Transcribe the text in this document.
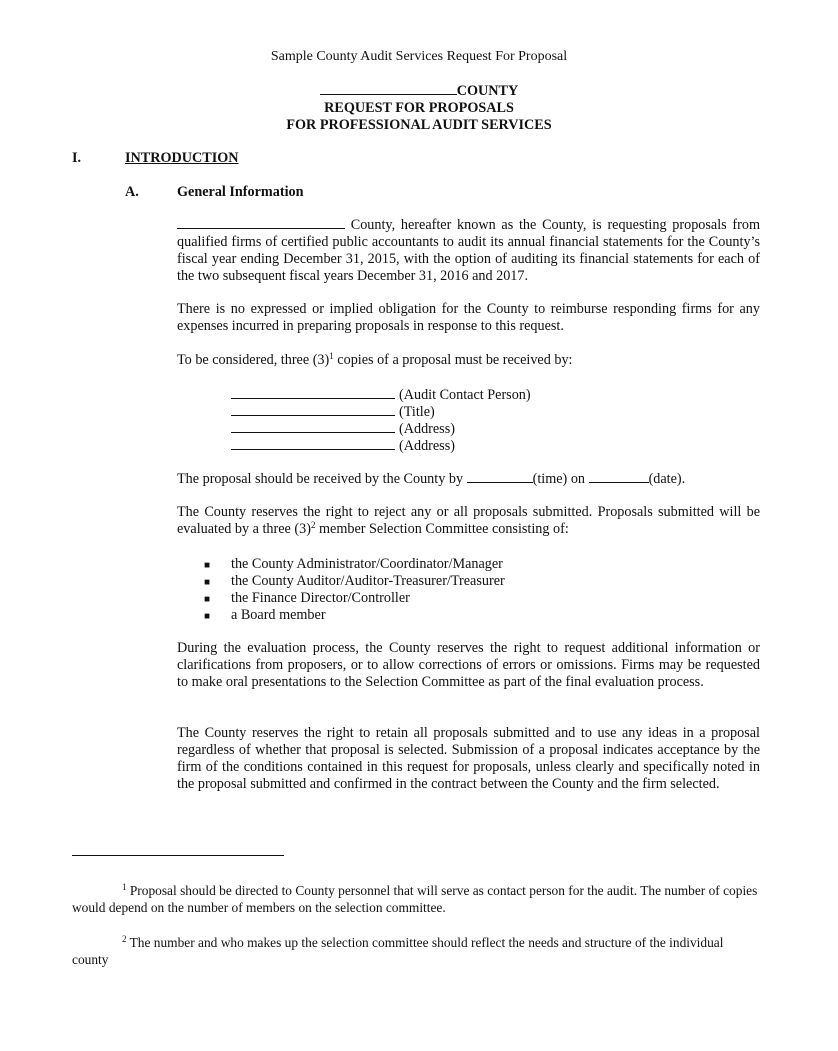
Sample County Audit Services Request For Proposal
COUNTY
REQUEST FOR PROPOSALS
FOR PROFESSIONAL AUDIT SERVICES
I.	INTRODUCTION
A.	General Information
County, hereafter known as the County, is requesting proposals from qualified firms of certified public accountants to audit its annual financial statements for the County’s fiscal year ending December 31, 2015, with the option of auditing its financial statements for each of the two subsequent fiscal years December 31, 2016 and 2017.
There is no expressed or implied obligation for the County to reimburse responding firms for any expenses incurred in preparing proposals in response to this request.
To be considered, three $(3)^1$ copies of a proposal must be received by:
(Audit Contact Person)
(Title)
(Address)
(Address)
The proposal should be received by the County by	(time) on	(date).
The County reserves the right to reject any or all proposals submitted. Proposals submitted will be evaluated by a three $(3)^2$ member Selection Committee consisting of:
■ the County Administrator/Coordinator/Manager
■ the County Auditor/Auditor-Treasurer/Treasurer
■ the Finance Director/Controller
■ a Board member
During the evaluation process, the County reserves the right to request additional information or clarifications from proposers, or to allow corrections of errors or omissions. Firms may be requested to make oral presentations to the Selection Committee as part of the final evaluation process.
The County reserves the right to retain all proposals submitted and to use any ideas in a proposal regardless of whether that proposal is selected. Submission of a proposal indicates acceptance by the firm of the conditions contained in this request for proposals, unless clearly and specifically noted in the proposal submitted and confirmed in the contract between the County and the firm selected.
$^1$ Proposal should be directed to County personnel that will serve as contact person for the audit. The number of copies would depend on the number of members on the selection committee.
$^2$ The number and who makes up the selection committee should reflect the needs and structure of the individual county
